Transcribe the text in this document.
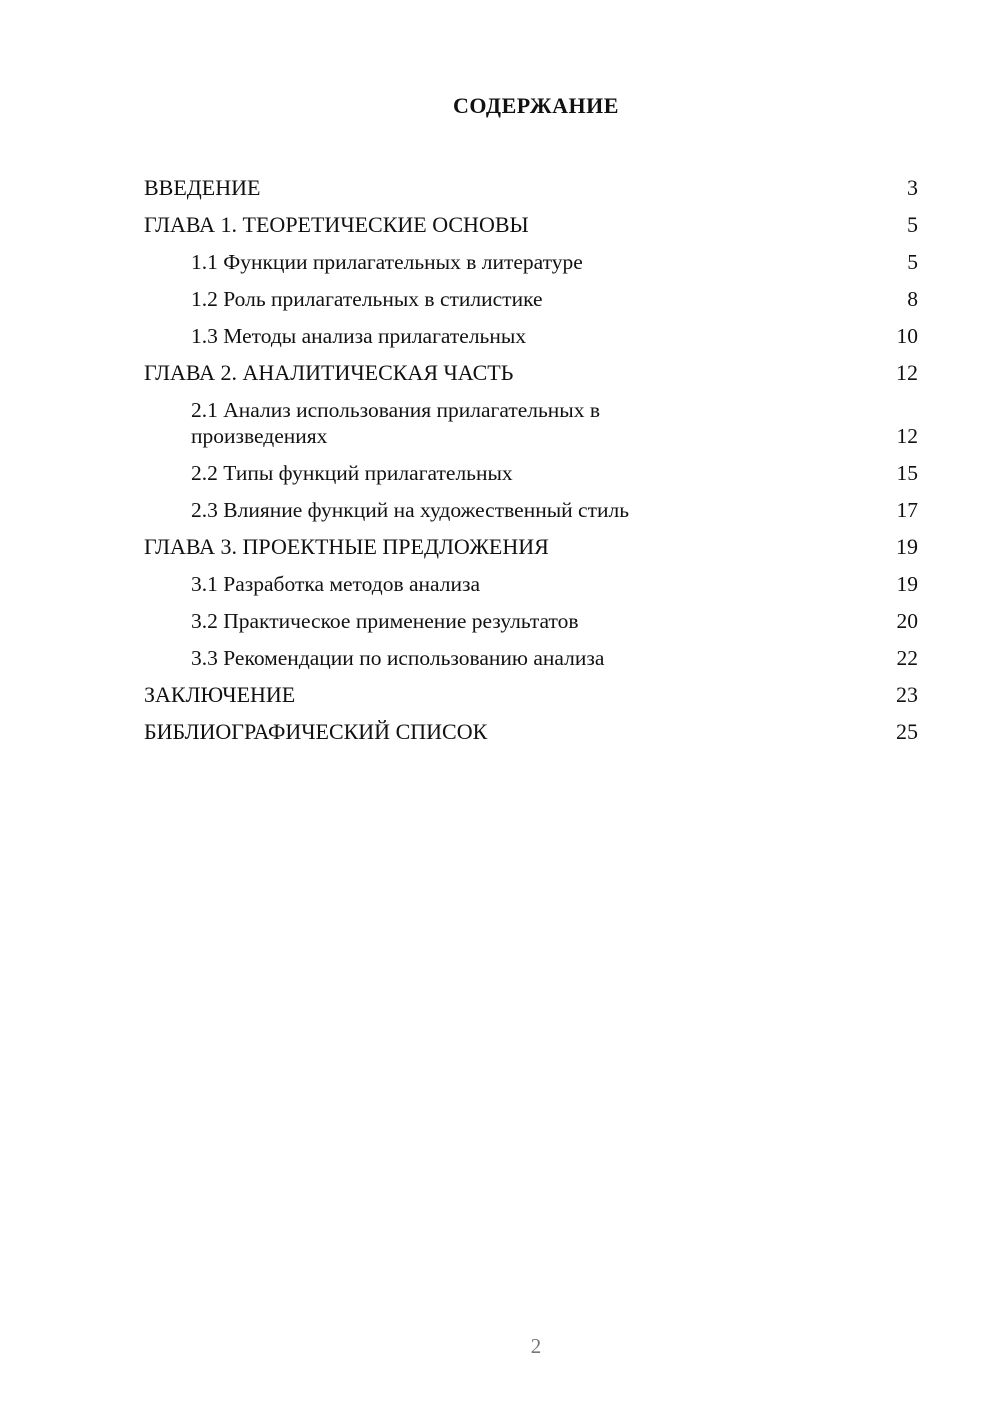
СОДЕРЖАНИЕ
ВВЕДЕНИЕ	3
ГЛАВА 1. ТЕОРЕТИЧЕСКИЕ ОСНОВЫ	5
1.1 Функции прилагательных в литературе	5
1.2 Роль прилагательных в стилистике	8
1.3 Методы анализа прилагательных	10
ГЛАВА 2. АНАЛИТИЧЕСКАЯ ЧАСТЬ	12
2.1 Анализ использования прилагательных в произведениях	12
2.2 Типы функций прилагательных	15
2.3 Влияние функций на художественный стиль	17
ГЛАВА 3. ПРОЕКТНЫЕ ПРЕДЛОЖЕНИЯ	19
3.1 Разработка методов анализа	19
3.2 Практическое применение результатов	20
3.3 Рекомендации по использованию анализа	22
ЗАКЛЮЧЕНИЕ	23
БИБЛИОГРАФИЧЕСКИЙ СПИСОК	25
2
